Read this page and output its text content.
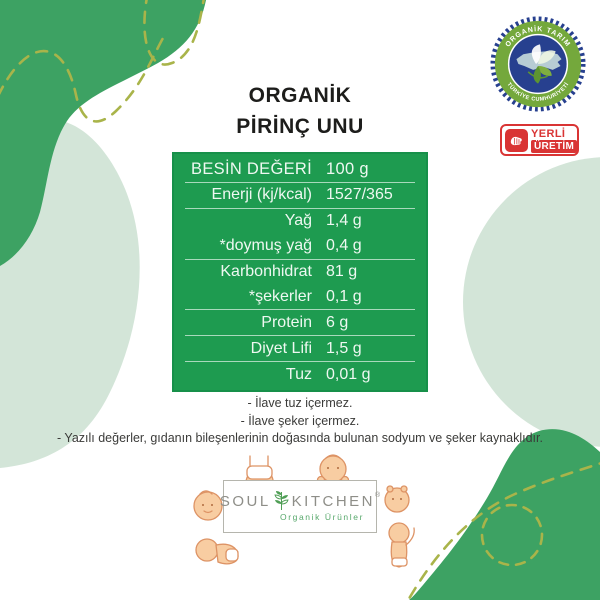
ORGANİK TARIM
TÜRKİYE CUMHURİYETİ
YERLİ
ÜRETİM
ORGANİK
PİRİNÇ UNU
BESİN DEĞERİ 100 g
Enerji (kj/kcal) 1527/365
Yağ 1,4 g
*doymuş yağ 0,4 g
Karbonhidrat 81 g
*şekerler 0,1 g
Protein 6 g
Diyet Lifi 1,5 g
Tuz 0,01 g
- İlave tuz içermez.
- İlave şeker içermez.
- Yazılı değerler, gıdanın bileşenlerinin doğasında bulunan sodyum ve şeker kaynaklıdır.
SOUL KITCHEN ®
Organik Ürünler
